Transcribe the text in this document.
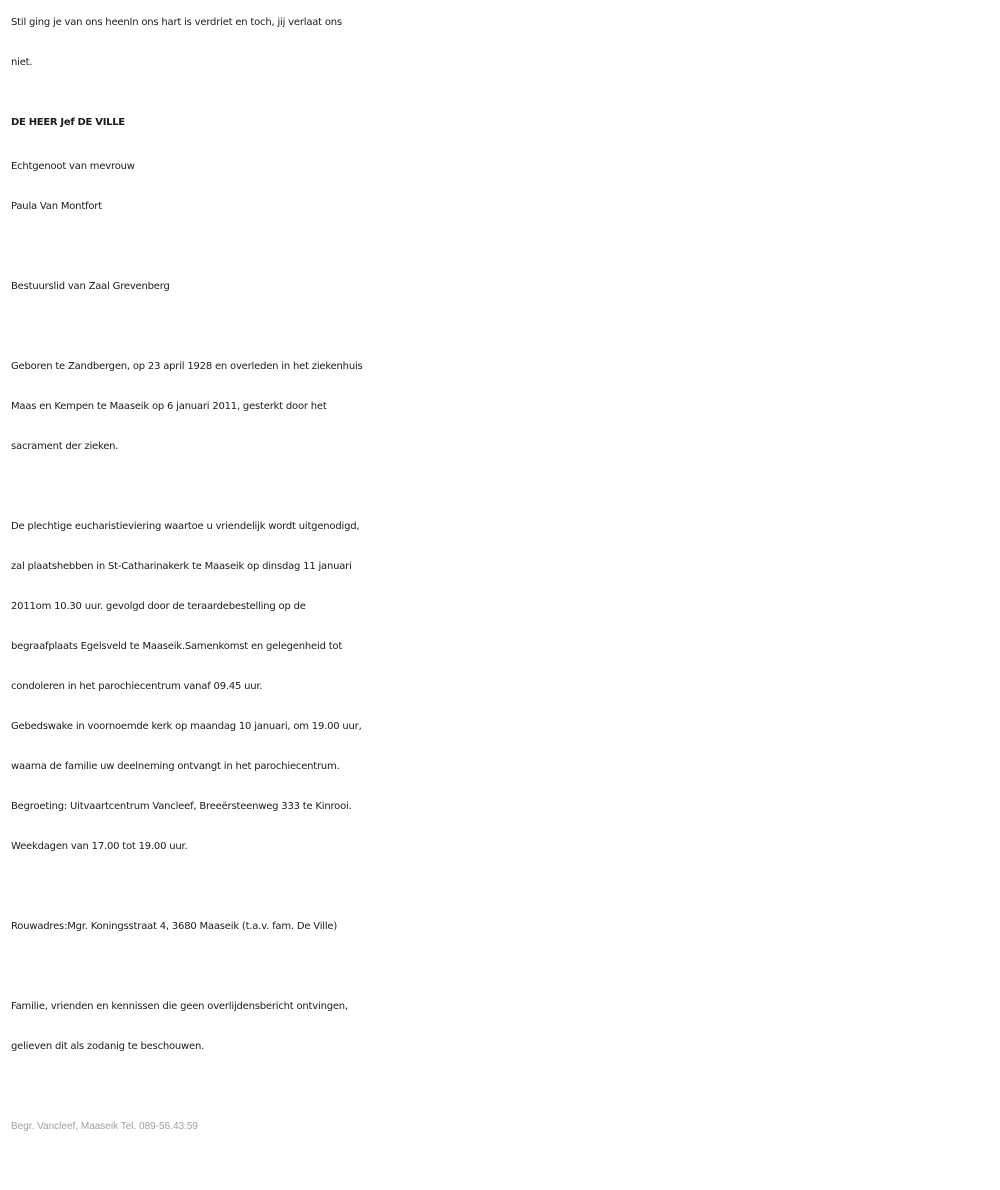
Stil ging je van ons heenIn ons hart is verdriet en toch, jij verlaat ons
niet.
DE HEER Jef DE VILLE
Echtgenoot van mevrouw
Paula Van Montfort
Bestuurslid van Zaal Grevenberg
Geboren te Zandbergen, op 23 april 1928 en overleden in het ziekenhuis
Maas en Kempen te Maaseik op 6 januari 2011, gesterkt door het
sacrament der zieken.
De plechtige eucharistieviering waartoe u vriendelijk wordt uitgenodigd,
zal plaatshebben in St-Catharinakerk te Maaseik op dinsdag 11 januari
2011om 10.30 uur. gevolgd door de teraardebestelling op de
begraafplaats Egelsveld te Maaseik.Samenkomst en gelegenheid tot
condoleren in het parochiecentrum vanaf 09.45 uur.
Gebedswake in voornoemde kerk op maandag 10 januari, om 19.00 uur,
waarna de familie uw deelneming ontvangt in het parochiecentrum.
Begroeting: Uitvaartcentrum Vancleef, Breeërsteenweg 333 te Kinrooi.
Weekdagen van 17.00 tot 19.00 uur.
Rouwadres:Mgr. Koningsstraat 4, 3680 Maaseik (t.a.v. fam. De Ville)
Familie, vrienden en kennissen die geen overlijdensbericht ontvingen,
gelieven dit als zodanig te beschouwen.
Begr. Vancleef, Maaseik Tel. 089-56.43.59
